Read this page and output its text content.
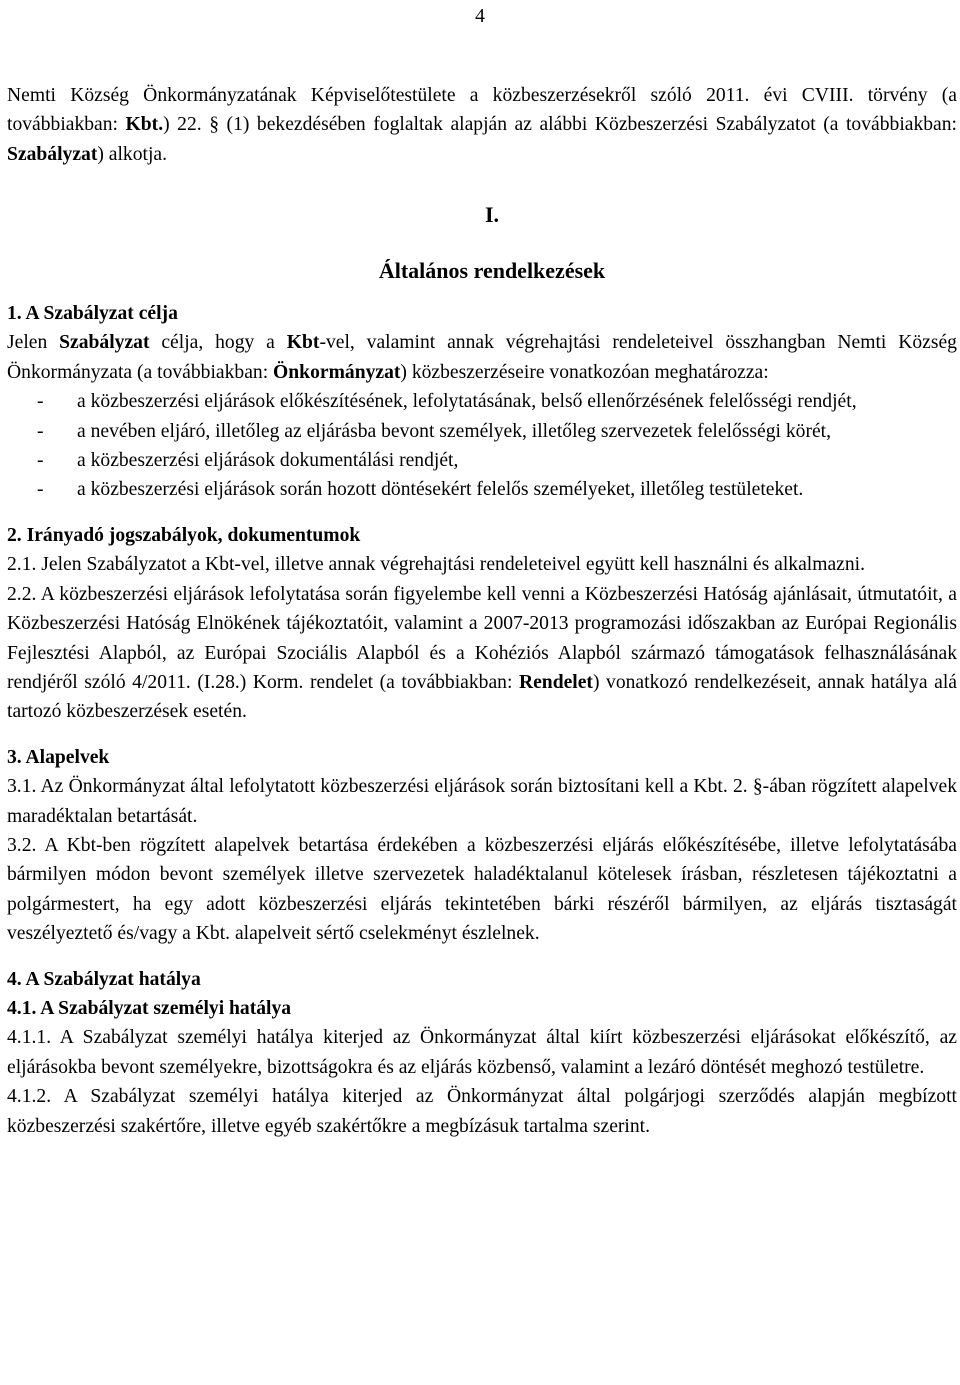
4

Nemti Község Önkormányzatának Képviselőtestülete a közbeszerzésekről szóló 2011. évi CVIII. törvény (a továbbiakban: Kbt.) 22. § (1) bekezdésében foglaltak alapján az alábbi Közbeszerzési Szabályzatot (a továbbiakban: Szabályzat) alkotja.

I.
Általános rendelkezések

1. A Szabályzat célja

Jelen Szabályzat célja, hogy a Kbt-vel, valamint annak végrehajtási rendeleteivel összhangban Nemti Község Önkormányzata (a továbbiakban: Önkormányzat) közbeszerzéseire vonatkozóan meghatározza:

- a közbeszerzési eljárások előkészítésének, lefolytatásának, belső ellenőrzésének felelősségi rendjét,
- a nevében eljáró, illetőleg az eljárásba bevont személyek, illetőleg szervezetek felelősségi körét,
- a közbeszerzési eljárások dokumentálási rendjét,
- a közbeszerzési eljárások során hozott döntésekért felelős személyeket, illetőleg testületeket.

2. Irányadó jogszabályok, dokumentumok

2.1. Jelen Szabályzatot a Kbt-vel, illetve annak végrehajtási rendeleteivel együtt kell használni és alkalmazni.

2.2. A közbeszerzési eljárások lefolytatása során figyelembe kell venni a Közbeszerzési Hatóság ajánlásait, útmutatóit, a Közbeszerzési Hatóság Elnökének tájékoztatóit, valamint a 2007-2013 programozási időszakban az Európai Regionális Fejlesztési Alapból, az Európai Szociális Alapból és a Kohéziós Alapból származó támogatások felhasználásának rendjéről szóló 4/2011. (I.28.) Korm. rendelet (a továbbiakban: Rendelet) vonatkozó rendelkezéseit, annak hatálya alá tartozó közbeszerzések esetén.

3. Alapelvek

3.1. Az Önkormányzat által lefolytatott közbeszerzési eljárások során biztosítani kell a Kbt. 2. §-ában rögzített alapelvek maradéktalan betartását.

3.2. A Kbt-ben rögzített alapelvek betartása érdekében a közbeszerzési eljárás előkészítésébe, illetve lefolytatásába bármilyen módon bevont személyek illetve szervezetek haladéktalanul kötelesek írásban, részletesen tájékoztatni a polgármestert, ha egy adott közbeszerzési eljárás tekintetében bárki részéről bármilyen, az eljárás tisztaságát veszélyeztető és/vagy a Kbt. alapelveit sértő cselekményt észlelnek.

4. A Szabályzat hatálya

4.1. A Szabályzat személyi hatálya

4.1.1. A Szabályzat személyi hatálya kiterjed az Önkormányzat által kiírt közbeszerzési eljárásokat előkészítő, az eljárásokba bevont személyekre, bizottságokra és az eljárás közbenső, valamint a lezáró döntését meghozó testületre.

4.1.2. A Szabályzat személyi hatálya kiterjed az Önkormányzat által polgárjogi szerződés alapján megbízott közbeszerzési szakértőre, illetve egyéb szakértőkre a megbízásuk tartalma szerint.
